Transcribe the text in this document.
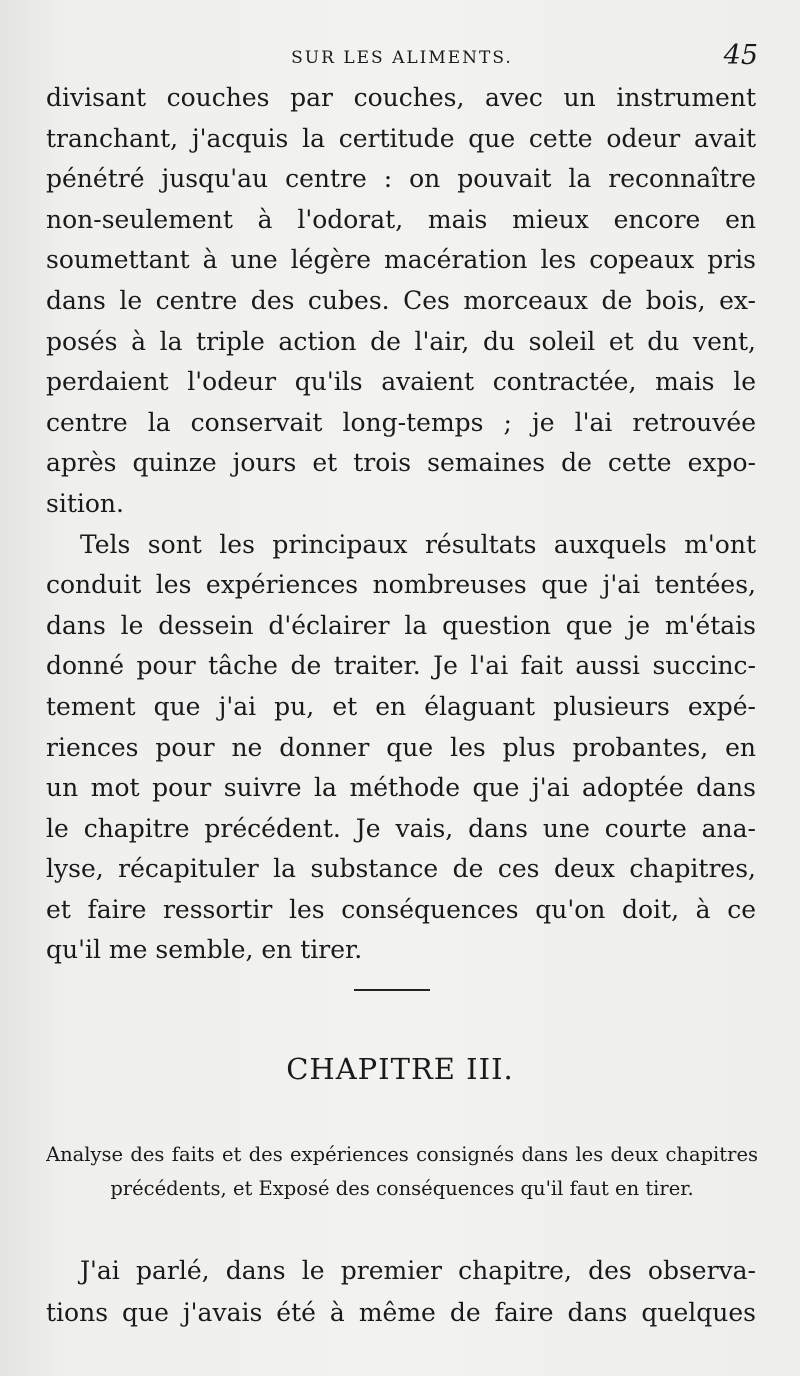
SUR LES ALIMENTS.	45
divisant couches par couches, avec un instrument
tranchant, j'acquis la certitude que cette odeur avait
pénétré jusqu'au centre : on pouvait la reconnaître
non-seulement à l'odorat, mais mieux encore en
soumettant à une légère macération les copeaux pris
dans le centre des cubes. Ces morceaux de bois, ex-
posés à la triple action de l'air, du soleil et du vent,
perdaient l'odeur qu'ils avaient contractée, mais le
centre la conservait long-temps ; je l'ai retrouvée
après quinze jours et trois semaines de cette expo-
sition.
Tels sont les principaux résultats auxquels m'ont
conduit les expériences nombreuses que j'ai tentées,
dans le dessein d'éclairer la question que je m'étais
donné pour tâche de traiter. Je l'ai fait aussi succinc-
tement que j'ai pu, et en élaguant plusieurs expé-
riences pour ne donner que les plus probantes, en
un mot pour suivre la méthode que j'ai adoptée dans
le chapitre précédent. Je vais, dans une courte ana-
lyse, récapituler la substance de ces deux chapitres,
et faire ressortir les conséquences qu'on doit, à ce
qu'il me semble, en tirer.
CHAPITRE III.
Analyse des faits et des expériences consignés dans les deux chapitres
précédents, et Exposé des conséquences qu'il faut en tirer.
J'ai parlé, dans le premier chapitre, des observa-
tions que j'avais été à même de faire dans quelques
